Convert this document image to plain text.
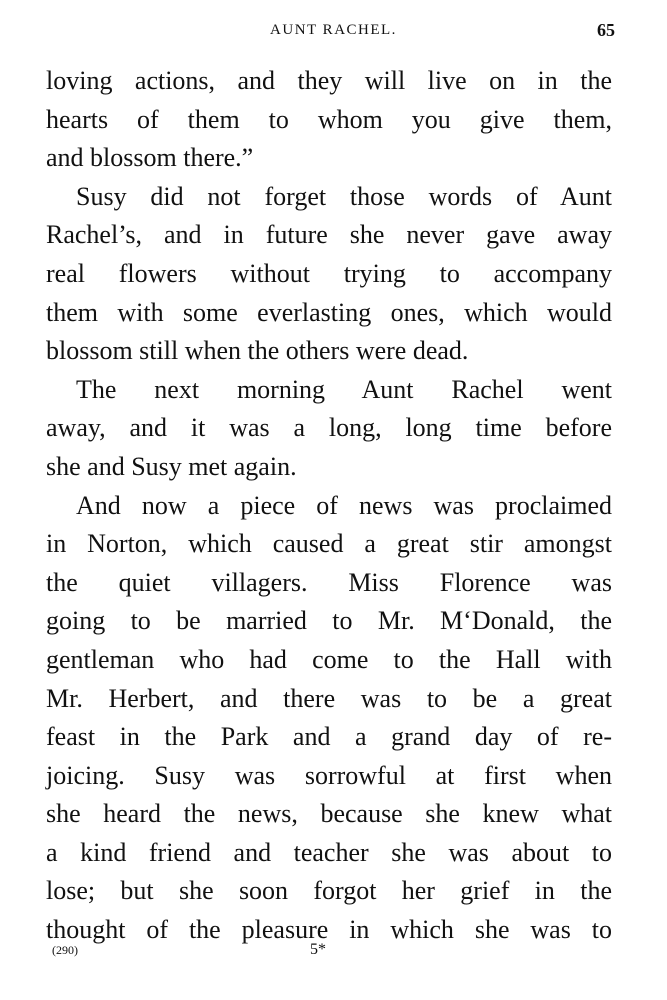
AUNT RACHEL.	65
loving actions, and they will live on in the
hearts of them to whom you give them,
and blossom there.”
Susy did not forget those words of Aunt
Rachel’s, and in future she never gave away
real flowers without trying to accompany
them with some everlasting ones, which would
blossom still when the others were dead.
The next morning Aunt Rachel went
away, and it was a long, long time before
she and Susy met again.
And now a piece of news was proclaimed
in Norton, which caused a great stir amongst
the quiet villagers. Miss Florence was
going to be married to Mr. M‘Donald, the
gentleman who had come to the Hall with
Mr. Herbert, and there was to be a great
feast in the Park and a grand day of re-
joicing. Susy was sorrowful at first when
she heard the news, because she knew what
a kind friend and teacher she was about to
lose; but she soon forgot her grief in the
thought of the pleasure in which she was to
(290)	5*
